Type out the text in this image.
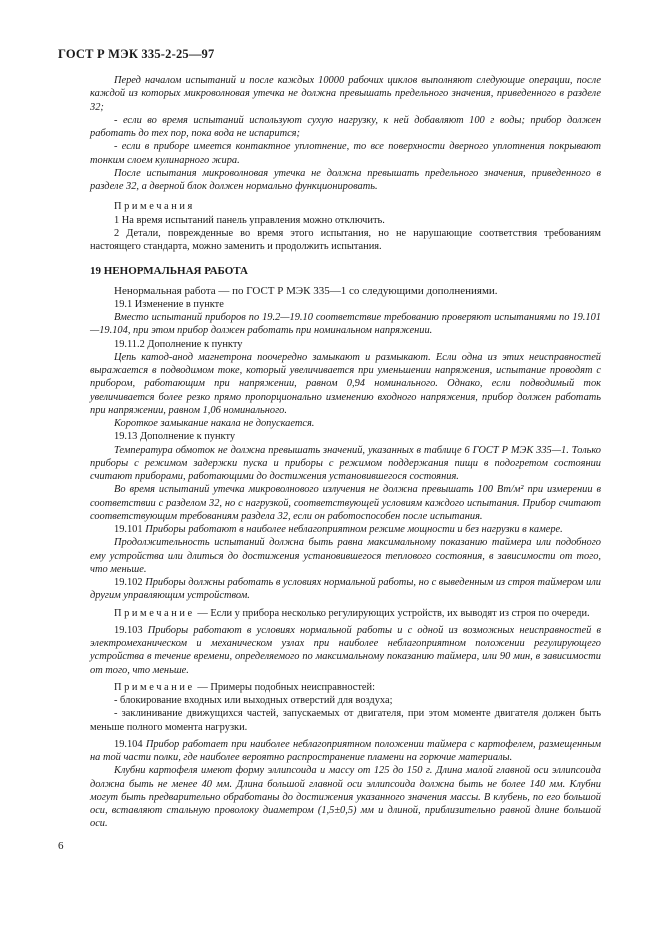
ГОСТ Р МЭК 335-2-25—97

Перед началом испытаний и после каждых 10000 рабочих циклов выполняют следующие операции, после каждой из которых микроволновая утечка не должна превышать предельного значения, приведенного в разделе 32;

- если во время испытаний используют сухую нагрузку, к ней добавляют 100 г воды; прибор должен работать до тех пор, пока вода не испарится;

- если в приборе имеется контактное уплотнение, то все поверхности дверного уплотнения покрывают тонким слоем кулинарного жира.

После испытания микроволновая утечка не должна превышать предельного значения, приведенного в разделе 32, а дверной блок должен нормально функционировать.

Примечания

1 На время испытаний панель управления можно отключить.

2 Детали, поврежденные во время этого испытания, но не нарушающие соответствия требованиям настоящего стандарта, можно заменить и продолжить испытания.

19 НЕНОРМАЛЬНАЯ РАБОТА

Ненормальная работа — по ГОСТ Р МЭК 335—1 со следующими дополнениями.

19.1 Изменение в пункте

Вместо испытаний приборов по 19.2—19.10 соответствие требованию проверяют испытаниями по 19.101—19.104, при этом прибор должен работать при номинальном напряжении.

19.11.2 Дополнение к пункту

Цепь катод-анод магнетрона поочередно замыкают и размыкают. Если одна из этих неисправностей выражается в подводимом токе, который увеличивается при уменьшении напряжения, испытание проводят с прибором, работающим при напряжении, равном 0,94 номинального. Однако, если подводимый ток увеличивается более резко прямо пропорционально изменению входного напряжения, прибор должен работать при напряжении, равном 1,06 номинального.

Короткое замыкание накала не допускается.

19.13 Дополнение к пункту

Температура обмоток не должна превышать значений, указанных в таблице 6 ГОСТ Р МЭК 335—1. Только приборы с режимом задержки пуска и приборы с режимом поддержания пищи в подогретом состоянии считают приборами, работающими до достижения установившегося состояния.

Во время испытаний утечка микроволнового излучения не должна превышать 100 Вт/м² при измерении в соответствии с разделом 32, но с нагрузкой, соответствующей условиям каждого испытания. Прибор считают соответствующим требованиям раздела 32, если он работоспособен после испытания.

19.101 Приборы работают в наиболее неблагоприятном режиме мощности и без нагрузки в камере.

Продолжительность испытаний должна быть равна максимальному показанию таймера или подобного ему устройства или длиться до достижения установившегося теплового состояния, в зависимости от того, что меньше.

19.102 Приборы должны работать в условиях нормальной работы, но с выведенным из строя таймером или другим управляющим устройством.

Примечание — Если у прибора несколько регулирующих устройств, их выводят из строя по очереди.

19.103 Приборы работают в условиях нормальной работы и с одной из возможных неисправностей в электромеханическом и механическом узлах при наиболее неблагоприятном положении регулирующего устройства в течение времени, определяемого по максимальному показанию таймера, или 90 мин, в зависимости от того, что меньше.

Примечание — Примеры подобных неисправностей:

- блокирование входных или выходных отверстий для воздуха;

- заклинивание движущихся частей, запускаемых от двигателя, при этом моменте двигателя должен быть меньше полного момента нагрузки.

19.104 Прибор работает при наиболее неблагоприятном положении таймера с картофелем, размещенным на той части полки, где наиболее вероятно распространение пламени на горючие материалы.

Клубни картофеля имеют форму эллипсоида и массу от 125 до 150 г. Длина малой главной оси эллипсоида должна быть не менее 40 мм. Длина большой главной оси эллипсоида должна быть не более 140 мм. Клубни могут быть предварительно обработаны до достижения указанного значения массы. В клубень, по его большой оси, вставляют стальную проволоку диаметром (1,5±0,5) мм и длиной, приблизительно равной длине большой оси.

6
